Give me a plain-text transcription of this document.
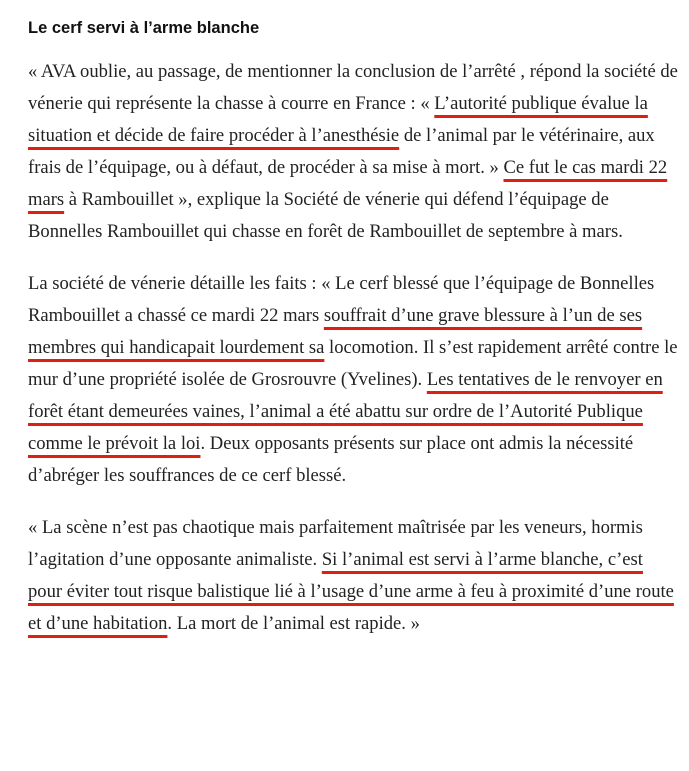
Le cerf servi à l’arme blanche

« AVA oublie, au passage, de mentionner la conclusion de l’arrêté , répond la société de vénerie qui représente la chasse à courre en France : « L’autorité publique évalue la situation et décide de faire procéder à l’anesthésie de l’animal par le vétérinaire, aux frais de l’équipage, ou à défaut, de procéder à sa mise à mort. » Ce fut le cas mardi 22 mars à Rambouillet », explique la Société de vénerie qui défend l’équipage de Bonnelles Rambouillet qui chasse en forêt de Rambouillet de septembre à mars.

La société de vénerie détaille les faits : « Le cerf blessé que l’équipage de Bonnelles Rambouillet a chassé ce mardi 22 mars souffrait d’une grave blessure à l’un de ses membres qui handicapait lourdement sa locomotion. Il s’est rapidement arrêté contre le mur d’une propriété isolée de Grosrouvre (Yvelines). Les tentatives de le renvoyer en forêt étant demeurées vaines, l’animal a été abattu sur ordre de l’Autorité Publique comme le prévoit la loi. Deux opposants présents sur place ont admis la nécessité d’abréger les souffrances de ce cerf blessé.

« La scène n’est pas chaotique mais parfaitement maîtrisée par les veneurs, hormis l’agitation d’une opposante animaliste. Si l’animal est servi à l’arme blanche, c’est pour éviter tout risque balistique lié à l’usage d’une arme à feu à proximité d’une route et d’une habitation. La mort de l’animal est rapide. »
